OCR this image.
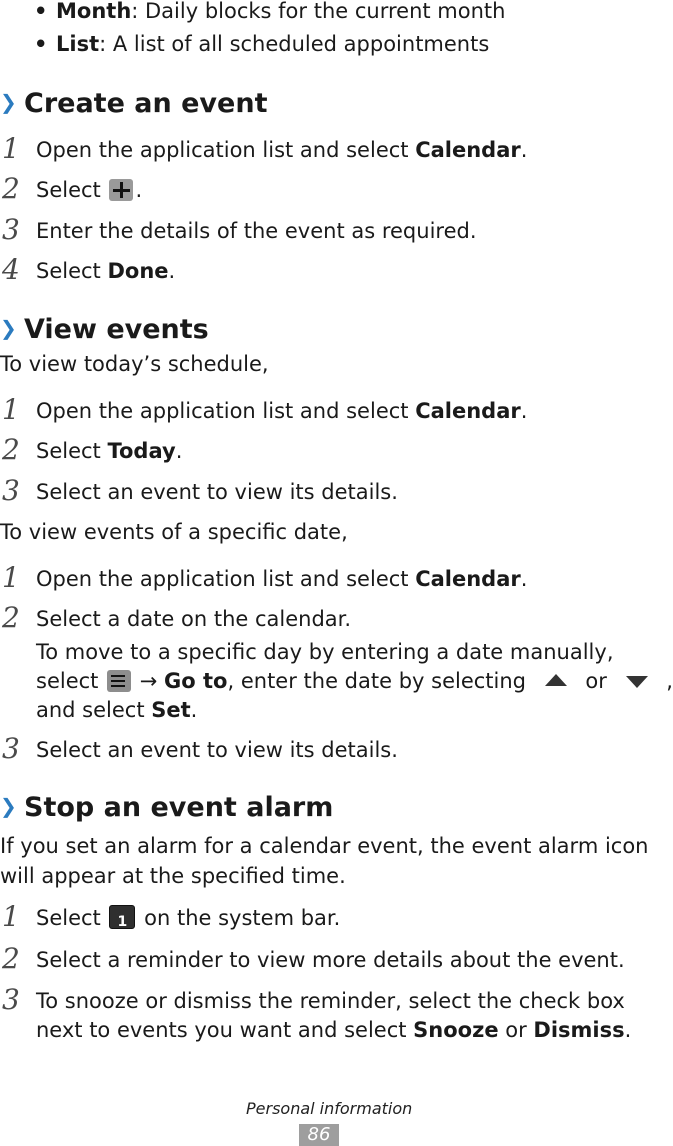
• Month: Daily blocks for the current month
• List: A list of all scheduled appointments
❯ Create an event
1 Open the application list and select Calendar.
2 Select .
3 Enter the details of the event as required.
4 Select Done.
❯ View events
To view today’s schedule,
1 Open the application list and select Calendar.
2 Select Today.
3 Select an event to view its details.
To view events of a specific date,
1 Open the application list and select Calendar.
2 Select a date on the calendar.
To move to a specific day by entering a date manually,
select
→ Go to, enter the date by selecting  or  ,
and select Set.
3 Select an event to view its details.
❯ Stop an event alarm
If you set an alarm for a calendar event, the event alarm icon
will appear at the specified time.
1 Select 1 on the system bar.
2 Select a reminder to view more details about the event.
3 To snooze or dismiss the reminder, select the check box
next to events you want and select Snooze or Dismiss.
Personal information
86
